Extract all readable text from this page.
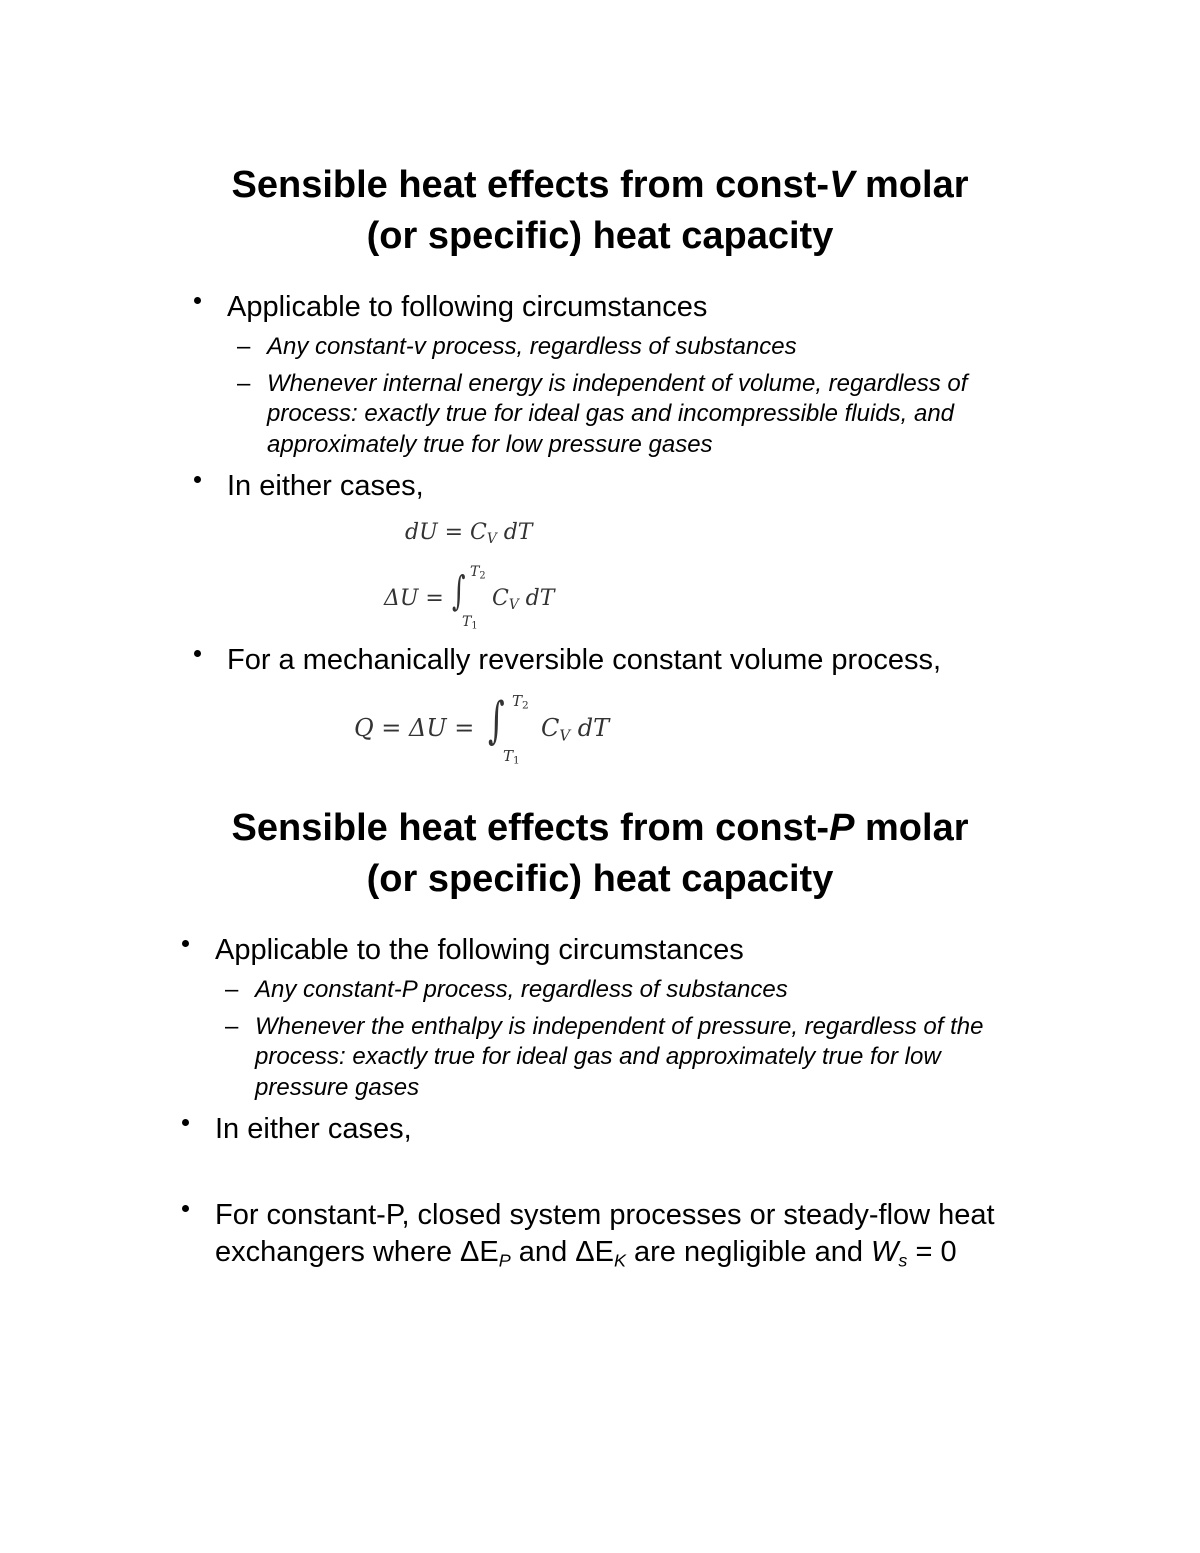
Sensible heat effects from const-V molar
(or specific) heat capacity
Applicable to following circumstances
– Any constant-v process, regardless of substances
– Whenever internal energy is independent of volume, regardless of
process: exactly true for ideal gas and incompressible fluids, and
approximately true for low pressure gases
In either cases,
dU = $C_V$ dT
ΔU = ∫ T2
T1
$C_V$ dT
For a mechanically reversible constant volume process,
Q = ΔU = ∫ T2
T1
$C_V$ dT
Sensible heat effects from const-P molar
(or specific) heat capacity
Applicable to the following circumstances
– Any constant-P process, regardless of substances
– Whenever the enthalpy is independent of pressure, regardless of the
process: exactly true for ideal gas and approximately true for low
pressure gases
In either cases,
For constant-P, closed system processes or steady-flow heat
exchangers where $\Delta E_P$ and $\Delta E_K$ are negligible and $W_s = 0$
